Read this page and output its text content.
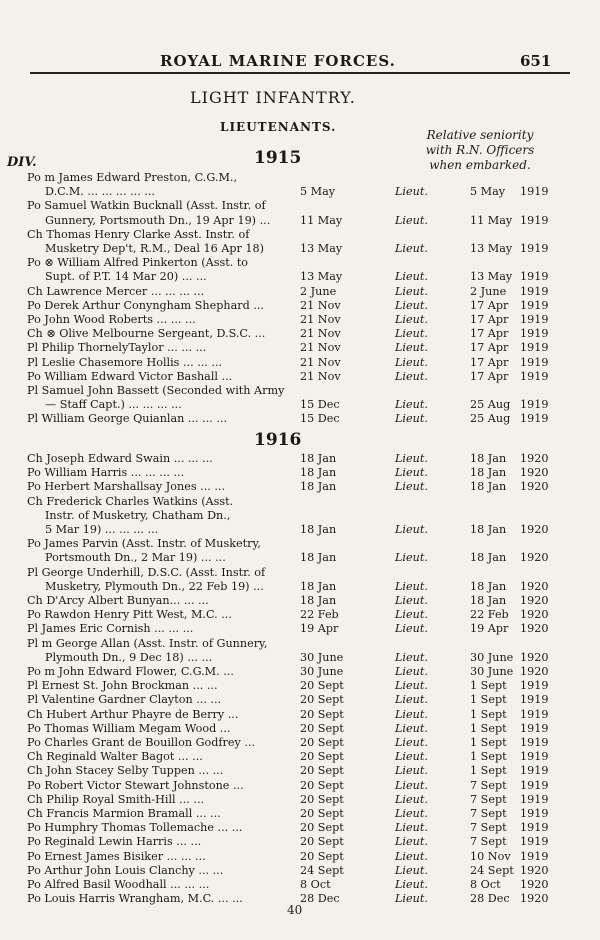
ROYAL MARINE FORCES.	651
LIGHT INFANTRY.
LIEUTENANTS.
DIV.
Relative seniority
with R.N. Officers
when embarked.
1915
1916
Po m James Edward Preston, C.G.M.,
D.C.M. ... ... ... ... ...	5 May	Lieut.	5 May	1919
Po Samuel Watkin Bucknall (Asst. Instr. of
Gunnery, Portsmouth Dn., 19 Apr 19) ...	11 May	Lieut.	11 May 1919
Ch Thomas Henry Clarke Asst. Instr. of
Musketry Dep't, R.M., Deal 16 Apr 18)	13 May	Lieut.	13 May 1919
Po ⊗ William Alfred Pinkerton (Asst. to
Supt. of P.T. 14 Mar 20) ... ...	13 May	Lieut.	13 May 1919
Ch Lawrence Mercer ... ... ... ...	2 June	Lieut.	2 June	1919
Po Derek Arthur Conyngham Shephard ...	21 Nov	Lieut.	17 Apr	1919
Po John Wood Roberts ... ... ...	21 Nov	Lieut.	17 Apr	1919
Ch ⊗ Olive Melbourne Sergeant, D.S.C. ...	21 Nov	Lieut.	17 Apr	1919
Pl Philip ThornelyTaylor ... ... ...	21 Nov	Lieut.	17 Apr	1919
Pl Leslie Chasemore Hollis ... ... ...	21 Nov	Lieut.	17 Apr	1919
Po William Edward Victor Bashall ...	21 Nov	Lieut.	17 Apr	1919
Pl Samuel John Bassett (Seconded with Army
— Staff Capt.) ... ... ... ...	15 Dec	Lieut.	25 Aug 1919
Pl William George Quianlan ... ... ...	15 Dec	Lieut.	25 Aug 1919
Ch Joseph Edward Swain ... ... ...	18 Jan	Lieut.	18 Jan	1920
Po William Harris ... ... ... ...	18 Jan	Lieut.	18 Jan	1920
Po Herbert Marshallsay Jones ... ...	18 Jan	Lieut.	18 Jan	1920
Ch Frederick Charles Watkins (Asst.
Instr. of Musketry, Chatham Dn.,
5 Mar 19) ... ... ... ...	18 Jan	Lieut.	18 Jan	1920
Po James Parvin (Asst. Instr. of Musketry,
Portsmouth Dn., 2 Mar 19) ... ...	18 Jan	Lieut.	18 Jan	1920
Pl George Underhill, D.S.C. (Asst. Instr. of
Musketry, Plymouth Dn., 22 Feb 19) ...	18 Jan	Lieut.	18 Jan	1920
Ch D'Arcy Albert Bunyan... ... ...	18 Jan	Lieut.	18 Jan	1920
Po Rawdon Henry Pitt West, M.C. ...	22 Feb	Lieut.	22 Feb	1920
Pl James Eric Cornish ... ... ...	19 Apr	Lieut.	19 Apr	1920
Pl m George Allan (Asst. Instr. of Gunnery,
Plymouth Dn., 9 Dec 18) ... ...	30 June	Lieut.	30 June 1920
Po m John Edward Flower, C.G.M. ...	30 June	Lieut.	30 June 1920
Pl Ernest St. John Brockman ... ...	20 Sept	Lieut.	1 Sept	1919
Pl Valentine Gardner Clayton ... ...	20 Sept	Lieut.	1 Sept	1919
Ch Hubert Arthur Phayre de Berry ...	20 Sept	Lieut.	1 Sept	1919
Po Thomas William Megam Wood ...	20 Sept	Lieut.	1 Sept	1919
Po Charles Grant de Bouillon Godfrey ...	20 Sept	Lieut.	1 Sept	1919
Ch Reginald Walter Bagot ... ...	20 Sept	Lieut.	1 Sept	1919
Ch John Stacey Selby Tuppen ... ...	20 Sept	Lieut.	1 Sept	1919
Po Robert Victor Stewart Johnstone ...	20 Sept	Lieut.	7 Sept	1919
Ch Philip Royal Smith-Hill ... ...	20 Sept	Lieut.	7 Sept	1919
Ch Francis Marmion Bramall ... ...	20 Sept	Lieut.	7 Sept	1919
Po Humphry Thomas Tollemache ... ...	20 Sept	Lieut.	7 Sept	1919
Po Reginald Lewin Harris ... ...	20 Sept	Lieut.	7 Sept	1919
Po Ernest James Bisiker ... ... ...	20 Sept	Lieut.	10 Nov 1919
Po Arthur John Louis Clanchy ... ...	24 Sept	Lieut.	24 Sept 1920
Po Alfred Basil Woodhall ... ... ...	8 Oct	Lieut.	8 Oct	1920
Po Louis Harris Wrangham, M.C. ... ...	28 Dec	Lieut.	28 Dec 1920
40
